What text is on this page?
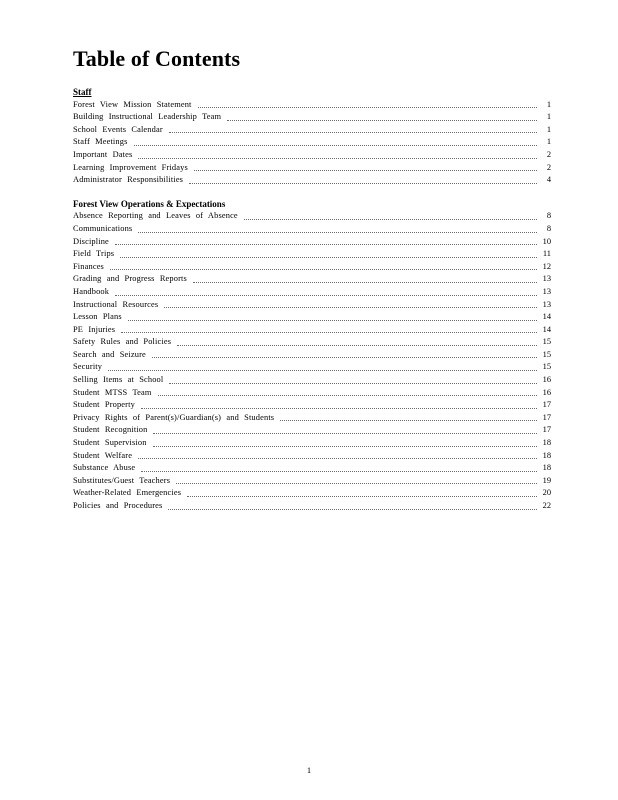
Table of Contents
Staff
Forest View Mission Statement	1
Building Instructional Leadership Team	1
School Events Calendar	1
Staff Meetings	1
Important Dates	2
Learning Improvement Fridays	2
Administrator Responsibilities	4
Forest View Operations & Expectations
Absence Reporting and Leaves of Absence	8
Communications	8
Discipline	10
Field Trips	11
Finances	12
Grading and Progress Reports	13
Handbook	13
Instructional Resources	13
Lesson Plans	14
PE Injuries	14
Safety Rules and Policies	15
Search and Seizure	15
Security	15
Selling Items at School	16
Student MTSS Team	16
Student Property	17
Privacy Rights of Parent(s)/Guardian(s) and Students	17
Student Recognition	17
Student Supervision	18
Student Welfare	18
Substance Abuse	18
Substitutes/Guest Teachers	19
Weather-Related Emergencies	20
Policies and Procedures	22
1
